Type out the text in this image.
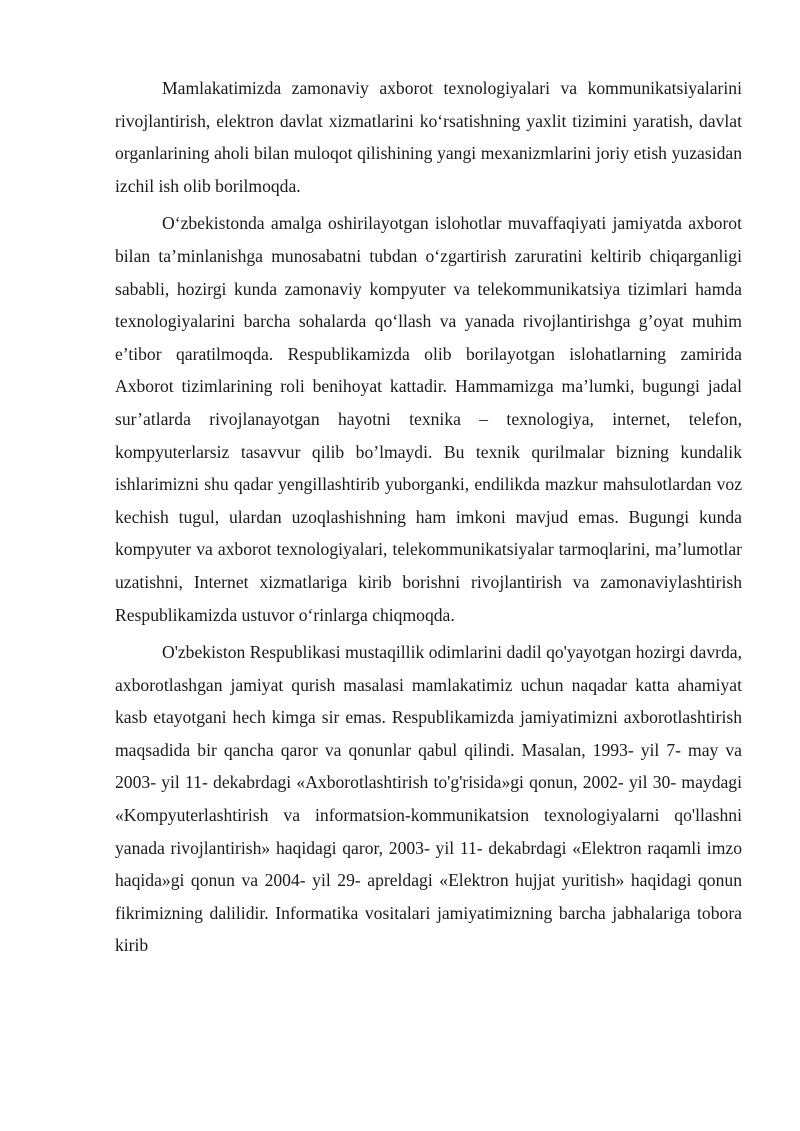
Mamlakatimizda zamonaviy axborot texnologiyalari va kommunikatsiyalarini rivojlantirish, elektron davlat xizmatlarini ko‘rsatishning yaxlit tizimini yaratish, davlat organlarining aholi bilan muloqot qilishining yangi mexanizmlarini joriy etish yuzasidan izchil ish olib borilmoqda.

O‘zbekistonda amalga oshirilayotgan islohotlar muvaffaqiyati jamiyatda axborot bilan ta’minlanishga munosabatni tubdan o‘zgartirish zaruratini keltirib chiqarganligi sababli, hozirgi kunda zamonaviy kompyuter va telekommunikatsiya tizimlari hamda texnologiyalarini barcha sohalarda qo‘llash va yanada rivojlantirishga g’oyat muhim e’tibor qaratilmoqda. Respublikamizda olib borilayotgan islohatlarning zamirida Axborot tizimlarining roli benihoyat kattadir. Hammamizga ma’lumki, bugungi jadal sur’atlarda rivojlanayotgan hayotni texnika – texnologiya, internet, telefon, kompyuterlarsiz tasavvur qilib bo’lmaydi. Bu texnik qurilmalar bizning kundalik ishlarimizni shu qadar yengillashtirib yuborganki, endilikda mazkur mahsulotlardan voz kechish tugul, ulardan uzoqlashishning ham imkoni mavjud emas. Bugungi kunda kompyuter va axborot texnologiyalari, telekommunikatsiyalar tarmoqlarini, ma’lumotlar uzatishni, Internet xizmatlariga kirib borishni rivojlantirish va zamonaviylashtirish Respublikamizda ustuvor o‘rinlarga chiqmoqda.

O'zbekiston Respublikasi mustaqillik odimlarini dadil qo'yayotgan hozirgi davrda, axborotlashgan jamiyat qurish masalasi mamlakatimiz uchun naqadar katta ahamiyat kasb etayotgani hech kimga sir emas. Respublikamizda jamiyatimizni axborotlashtirish maqsadida bir qancha qaror va qonunlar qabul qilindi. Masalan, 1993- yil 7- may va 2003- yil 11- dekabrdagi «Axborotlashtirish to'g'risida»gi qonun, 2002- yil 30- maydagi «Kompyuterlashtirish va informatsion-kommunikatsion texnologiyalarni qo'llashni yanada rivojlantirish» haqidagi qaror, 2003- yil 11- dekabrdagi «Elektron raqamli imzo haqida»gi qonun va 2004- yil 29- apreldagi «Elektron hujjat yuritish» haqidagi qonun fikrimizning dalilidir. Informatika vositalari jamiyatimizning barcha jabhalariga tobora kirib
